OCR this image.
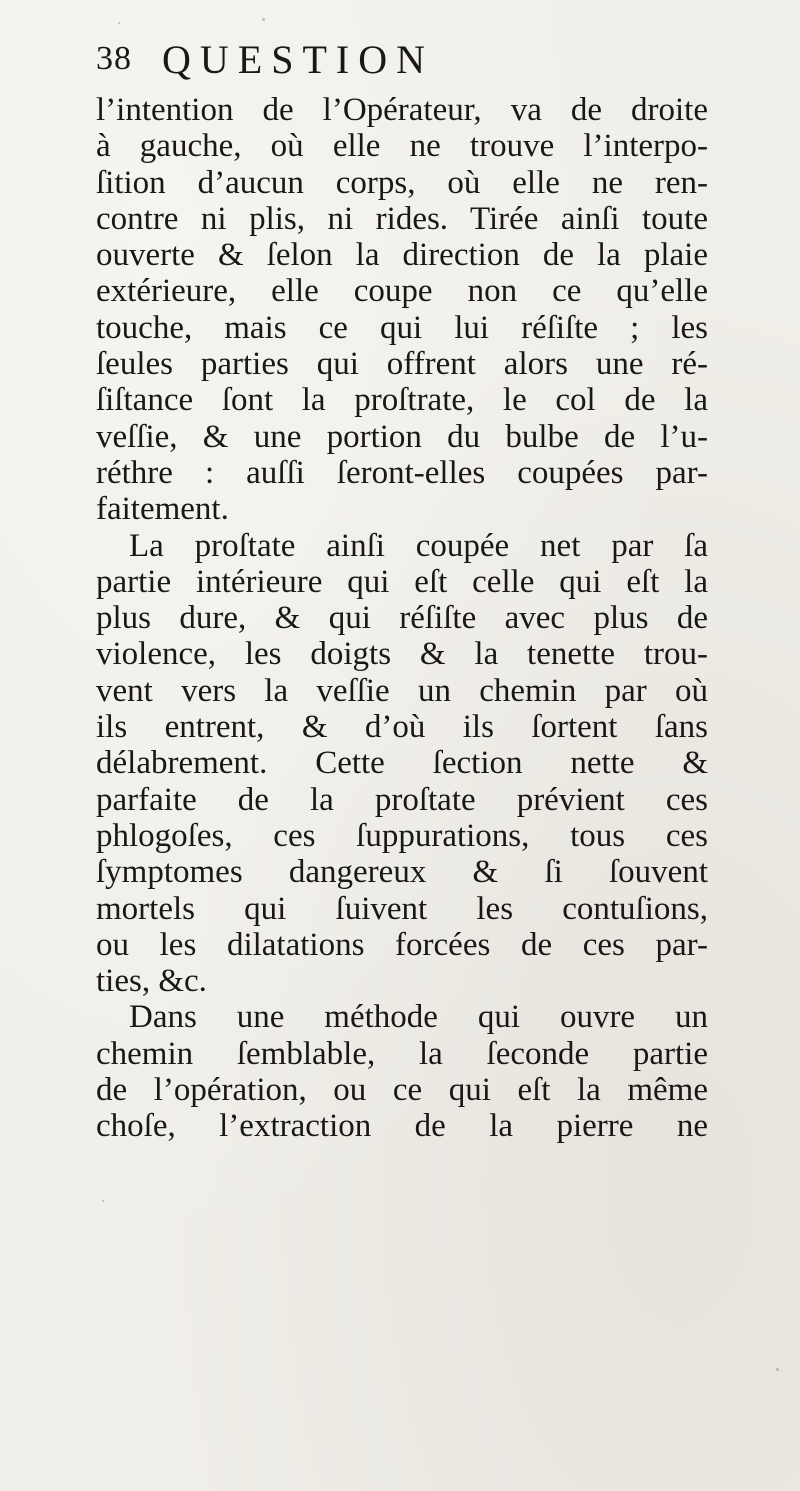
38 QUESTION
l’intention de l’Opérateur, va de droite
à gauche, où elle ne trouve l’interpo-
ſition d’aucun corps, où elle ne ren-
contre ni plis, ni rides. Tirée ainſi toute
ouverte & ſelon la direction de la plaie
extérieure, elle coupe non ce qu’elle
touche, mais ce qui lui réſiſte ; les
ſeules parties qui offrent alors une ré-
ſiſtance ſont la proſtrate, le col de la
veſſie, & une portion du bulbe de l’u-
réthre : auſſi ſeront-elles coupées par-
faitement.
La proſtate ainſi coupée net par ſa
partie intérieure qui eſt celle qui eſt la
plus dure, & qui réſiſte avec plus de
violence, les doigts & la tenette trou-
vent vers la veſſie un chemin par où
ils entrent, & d’où ils ſortent ſans
délabrement. Cette ſection nette &
parfaite de la proſtate prévient ces
phlogoſes, ces ſuppurations, tous ces
ſymptomes dangereux & ſi ſouvent
mortels qui ſuivent les contuſions,
ou les dilatations forcées de ces par-
ties, &c.
Dans une méthode qui ouvre un
chemin ſemblable, la ſeconde partie
de l’opération, ou ce qui eſt la même
choſe, l’extraction de la pierre ne
